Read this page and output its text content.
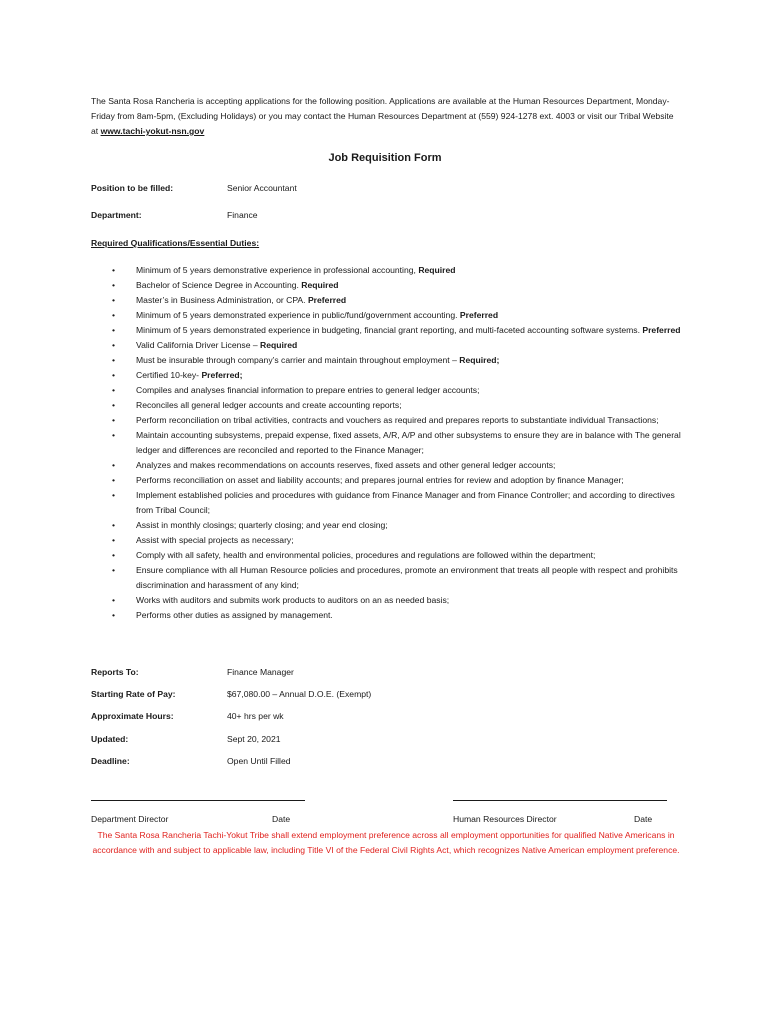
The Santa Rosa Rancheria is accepting applications for the following position. Applications are available at the Human Resources Department, Monday-Friday from 8am-5pm, (Excluding Holidays) or you may contact the Human Resources Department at (559) 924-1278 ext. 4003 or visit our Tribal Website at www.tachi-yokut-nsn.gov

Job Requisition Form
Position to be filled:	Senior Accountant
Department:	Finance
Required Qualifications/Essential Duties:
• Minimum of 5 years demonstrative experience in professional accounting, Required
• Bachelor of Science Degree in Accounting. Required
• Master’s in Business Administration, or CPA. Preferred
• Minimum of 5 years demonstrated experience in public/fund/government accounting. Preferred
• Minimum of 5 years demonstrated experience in budgeting, financial grant reporting, and multi-faceted accounting software systems. Preferred
• Valid California Driver License – Required
• Must be insurable through company’s carrier and maintain throughout employment – Required;
• Certified 10-key- Preferred;
• Compiles and analyses financial information to prepare entries to general ledger accounts;
• Reconciles all general ledger accounts and create accounting reports;
• Perform reconciliation on tribal activities, contracts and vouchers as required and prepares reports to substantiate individual Transactions;
• Maintain accounting subsystems, prepaid expense, fixed assets, A/R, A/P and other subsystems to ensure they are in balance with The general ledger and differences are reconciled and reported to the Finance Manager;
• Analyzes and makes recommendations on accounts reserves, fixed assets and other general ledger accounts;
• Performs reconciliation on asset and liability accounts; and prepares journal entries for review and adoption by finance Manager;
• Implement established policies and procedures with guidance from Finance Manager and from Finance Controller; and according to directives from Tribal Council;
• Assist in monthly closings; quarterly closing; and year end closing;
• Assist with special projects as necessary;
• Comply with all safety, health and environmental policies, procedures and regulations are followed within the department;
• Ensure compliance with all Human Resource policies and procedures, promote an environment that treats all people with respect and prohibits discrimination and harassment of any kind;
• Works with auditors and submits work products to auditors on an as needed basis;
• Performs other duties as assigned by management.
Reports To:	Finance Manager
Starting Rate of Pay:	$67,080.00 – Annual D.O.E. (Exempt)
Approximate Hours:	40+ hrs per wk
Updated:	Sept 20, 2021
Deadline:	Open Until Filled
Department Director	Date	Human Resources Director	Date
The Santa Rosa Rancheria Tachi-Yokut Tribe shall extend employment preference across all employment opportunities for qualified Native Americans in accordance with and subject to applicable law, including Title VI of the Federal Civil Rights Act, which recognizes Native American employment preference.
